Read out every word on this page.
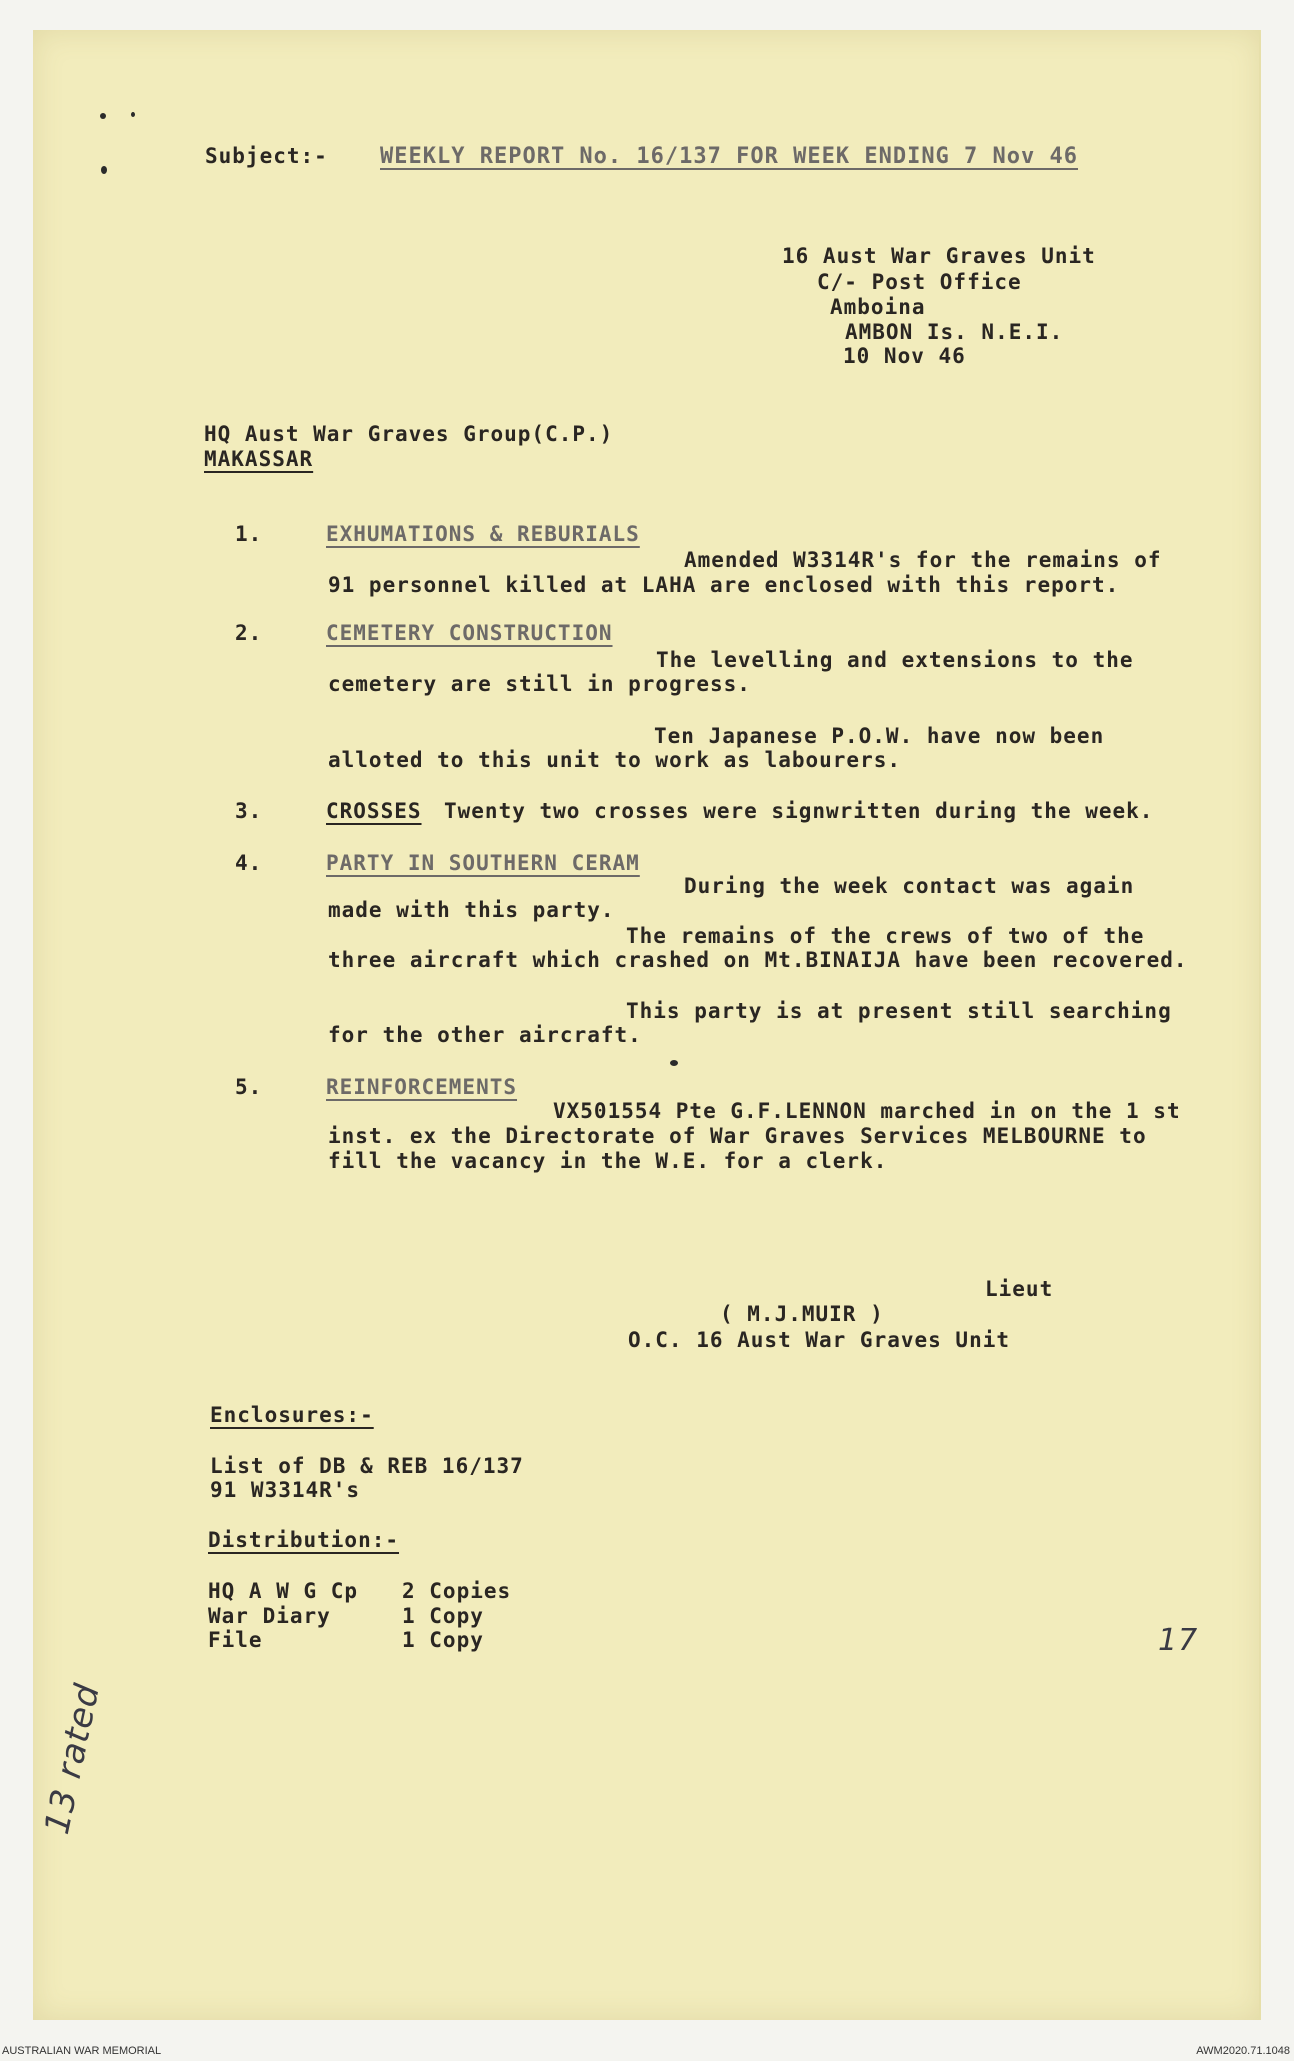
Subject:- WEEKLY REPORT No. 16/137 FOR WEEK ENDING 7 Nov 46
16 Aust War Graves Unit
C/- Post Office
Amboina
AMBON Is. N.E.I.
10 Nov 46
HQ Aust War Graves Group(C.P.)
MAKASSAR
1.	EXHUMATIONS & REBURIALS
Amended W3314R's for the remains of
91 personnel killed at LAHA are enclosed with this report.
2.	CEMETERY CONSTRUCTION
The levelling and extensions to the
cemetery are still in progress.
Ten Japanese P.O.W. have now been
alloted to this unit to work as labourers.
3.	CROSSES Twenty two crosses were signwritten during the week.
4.	PARTY IN SOUTHERN CERAM
During the week contact was again
made with this party.
The remains of the crews of two of the
three aircraft which crashed on Mt.BINAIJA have been recovered.
This party is at present still searching
for the other aircraft.
5.	REINFORCEMENTS
VX501554 Pte G.F.LENNON marched in on the 1 st
inst. ex the Directorate of War Graves Services MELBOURNE to
fill the vacancy in the W.E. for a clerk.
Lieut
( M.J.MUIR )
O.C. 16 Aust War Graves Unit
Enclosures:-
List of DB & REB 16/137
91 W3314R's
Distribution:-
HQ A W G Cp 2 Copies
War Diary	1 Copy
File	1 Copy	17
13 rated
AUSTRALIAN WAR MEMORIAL	AWM2020.71.1048
